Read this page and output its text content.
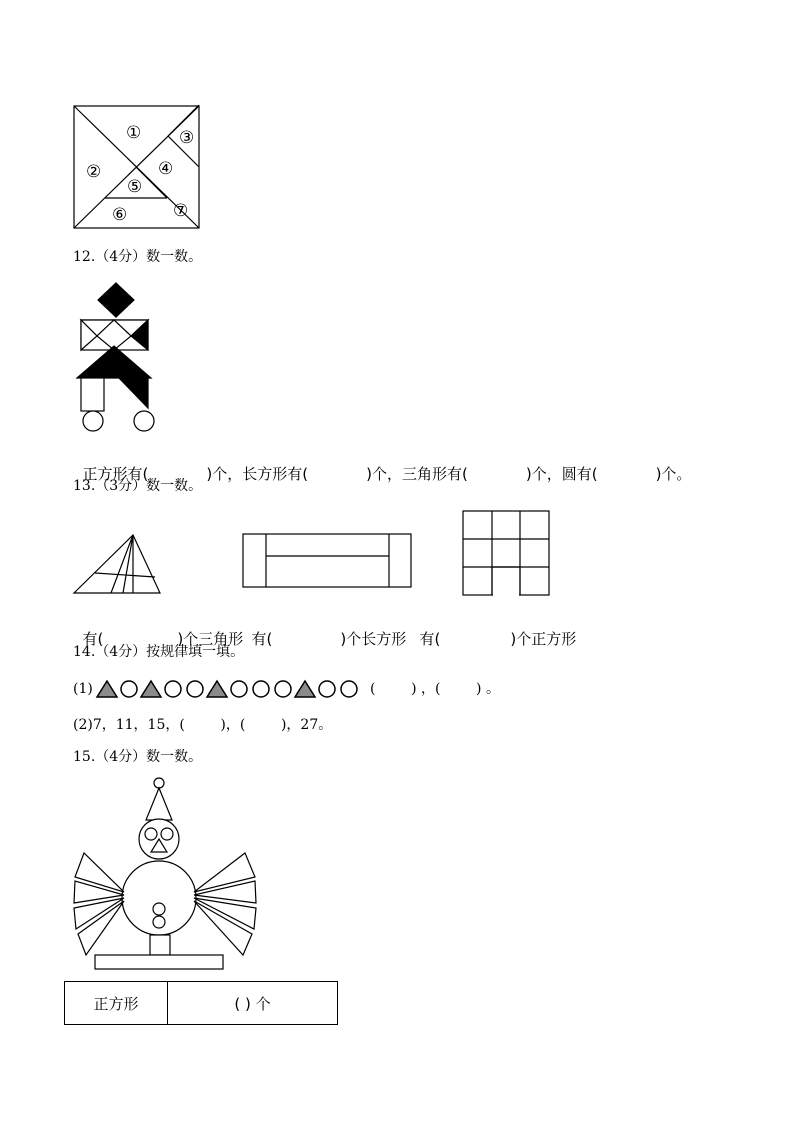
①
②
③
④
⑤
⑥	⑦
12.（4分）数一数。

正方形有(	)个，长方形有(	)个，三角形有(	)个，圆有(	)个。

13.（3分）数一数。

有(	)个三角形 有(	)个长方形 有(	)个正方形

14.（4分）按规律填一填。
(1)	(        ) ，(        ) 。
(2)7，11，15，(        )，(        )，27。
15.（4分）数一数。
正方形	( ) 个
